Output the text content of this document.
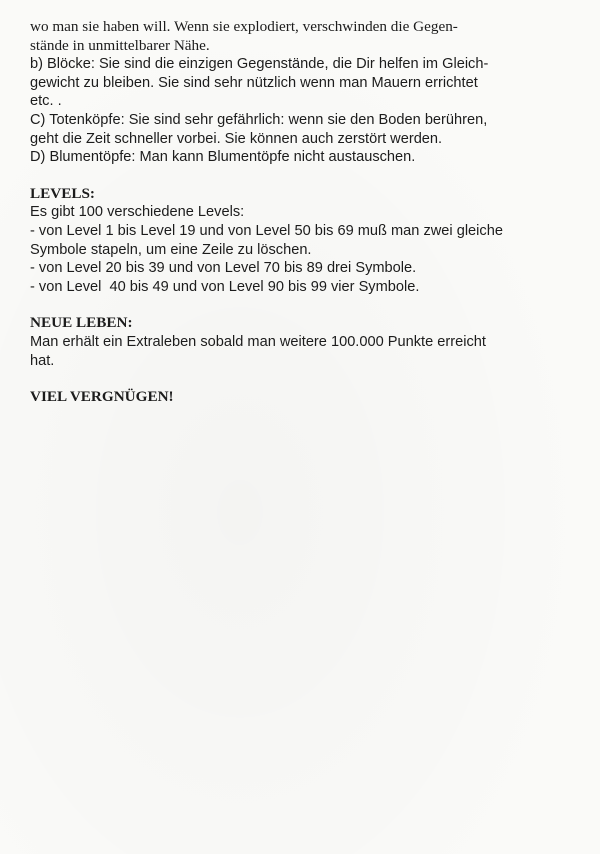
wo man sie haben will. Wenn sie explodiert, verschwinden die Gegen-
stände in unmittelbarer Nähe.
b) Blöcke: Sie sind die einzigen Gegenstände, die Dir helfen im Gleich-
gewicht zu bleiben. Sie sind sehr nützlich wenn man Mauern errichtet
etc. .
C) Totenköpfe: Sie sind sehr gefährlich: wenn sie den Boden berühren,
geht die Zeit schneller vorbei. Sie können auch zerstört werden.
D) Blumentöpfe: Man kann Blumentöpfe nicht austauschen.
LEVELS:
Es gibt 100 verschiedene Levels:
- von Level 1 bis Level 19 und von Level 50 bis 69 muß man zwei gleiche
Symbole stapeln, um eine Zeile zu löschen.
- von Level 20 bis 39 und von Level 70 bis 89 drei Symbole.
- von Level  40 bis 49 und von Level 90 bis 99 vier Symbole.
NEUE LEBEN:
Man erhält ein Extraleben sobald man weitere 100.000 Punkte erreicht
hat.
VIEL VERGNÜGEN!
